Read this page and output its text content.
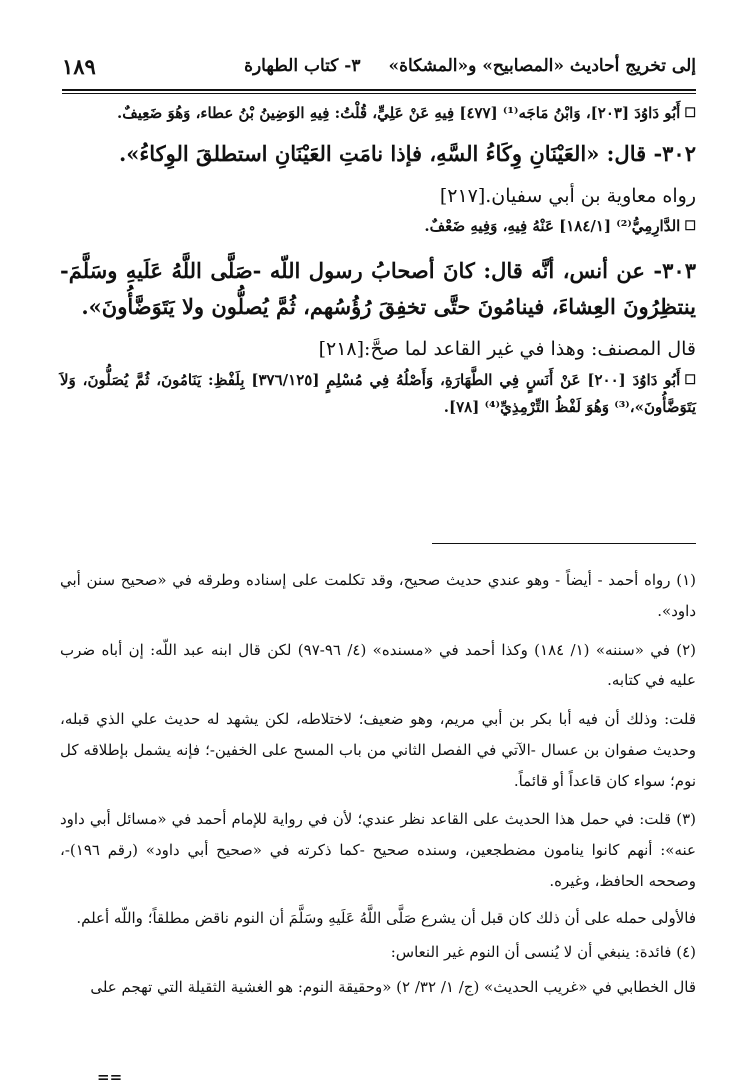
إلى تخريج أحاديث «المصابيح» و«المشكاة»
٣- كتاب الطهارة
١٨٩

☐أَبُو دَاوُدَ [٢٠٣]، وَابْنُ مَاجَه⁽¹⁾ [٤٧٧] فِيهِ عَنْ عَلِيٍّ، قُلْتُ: فِيهِ الوَضِينُ بْنُ عطاء، وَهُوَ ضَعِيفٌ.

٣٠٢- قال: «العَيْنَانِ وِكَاءُ السَّهِ، فإذا نامَتِ العَيْنَانِ استطلقَ الوِكاءُ».

رواه معاوية بن أبي سفيان.[٢١٧]

☐الدَّارِمِيُّ⁽²⁾ [١٨٤/١] عَنْهُ فِيهِ، وَفِيهِ ضَعْفٌ.

٣٠٣- عن أنس، أنَّه قال: كانَ أصحابُ رسول اللّه -صَلَّى اللَّهُ عَلَيهِ وسَلَّمَ- ينتظِرُونَ العِشاءَ، فينامُونَ حتَّى تخفِقَ رُؤُسُهم، ثُمَّ يُصلُّون ولا يَتَوَضَّأُونَ».

قال المصنف: وهذا في غير القاعد لما صحَّ:[٢١٨]

☐أَبُو دَاوُدَ [٢٠٠] عَنْ أَنَسٍ فِي الطَّهَارَةِ، وَأَصْلُهُ فِي مُسْلِمٍ [٣٧٦/١٢٥] بِلَفْظِ: يَنَامُونَ، ثُمَّ يُصَلُّونَ، وَلاَ يَتَوَضَّأُونَ»،⁽³⁾ وَهُوَ لَفْظُ التِّرْمِذِيِّ⁽⁴⁾ [٧٨].

(١) رواه أحمد - أيضاً - وهو عندي حديث صحيح، وقد تكلمت على إسناده وطرقه في «صحيح سنن أبي داود».

(٢) في «سننه» (١/ ١٨٤) وكذا أحمد في «مسنده» (٤/ ٩٦-٩٧) لكن قال ابنه عبد اللّه: إن أباه ضرب عليه في كتابه.

قلت: وذلك أن فيه أبا بكر بن أبي مريم، وهو ضعيف؛ لاختلاطه، لكن يشهد له حديث علي الذي قبله، وحديث صفوان بن عسال -الآتي في الفصل الثاني من باب المسح على الخفين-؛ فإنه يشمل بإطلاقه كل نوم؛ سواء كان قاعداً أو قائماً.

(٣) قلت: في حمل هذا الحديث على القاعد نظر عندي؛ لأن في رواية للإمام أحمد في «مسائل أبي داود عنه»: أنهم كانوا ينامون مضطجعين، وسنده صحيح -كما ذكرته في «صحيح أبي داود» (رقم ١٩٦)-، وصححه الحافظ، وغيره.

فالأولى حمله على أن ذلك كان قبل أن يشرع صَلَّى اللَّهُ عَلَيهِ وسَلَّمَ أن النوم ناقض مطلقاً؛ واللّه أعلم.

(٤) فائدة: ينبغي أن لا يُنسى أن النوم غير النعاس:

قال الخطابي في «غريب الحديث» (ج/ ١/ ٣٢/ ٢) «وحقيقة النوم: هو الغشية الثقيلة التي تهجم على

==
